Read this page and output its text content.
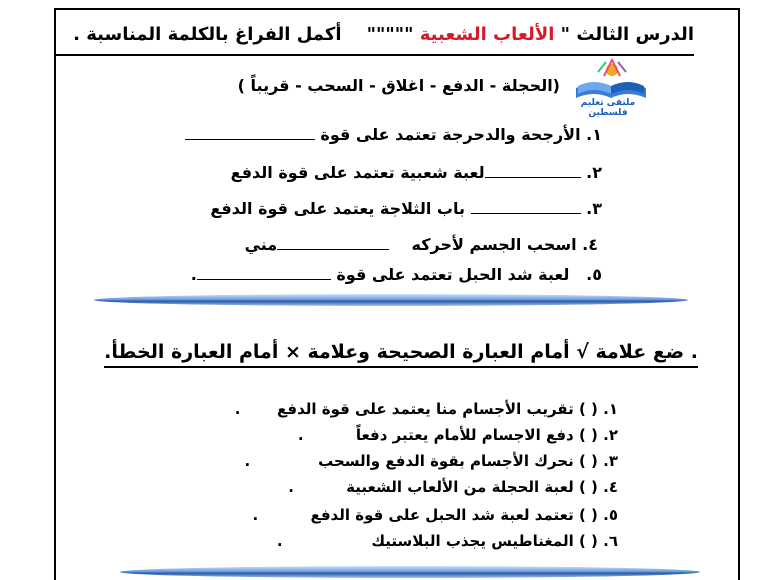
الدرس الثالث " الألعاب الشعبية """""    أكمل الفراغ بالكلمة المناسبة .
(الحجلة - الدفع - اغلاق - السحب - قريباً )
ملتقى تعليم فلسطين
١. الأرجحة والدحرجة تعتمد على قوة
٢. لعبة شعبية تعتمد على قوة الدفع
٣.  باب الثلاجة يعتمد على قوة الدفع
٤. اسحب الجسم لأحركه    مني
٥.   لعبة شد الحبل تعتمد على قوة .
. ضع علامة √ أمام العبارة الصحيحة وعلامة × أمام العبارة الخطأ.
١. ( ) تقريب الأجسام منا يعتمد على قوة الدفع       .
٢. ( ) دفع الاجسام للأمام يعتبر دفعاً          .
٣. ( ) نحرك الأجسام بقوة الدفع والسحب             .
٤. ( ) لعبة الحجلة من الألعاب الشعبية          .
٥. ( ) تعتمد لعبة شد الحبل على قوة الدفع          .
٦. ( ) المغناطيس يجذب البلاستيك                 .
